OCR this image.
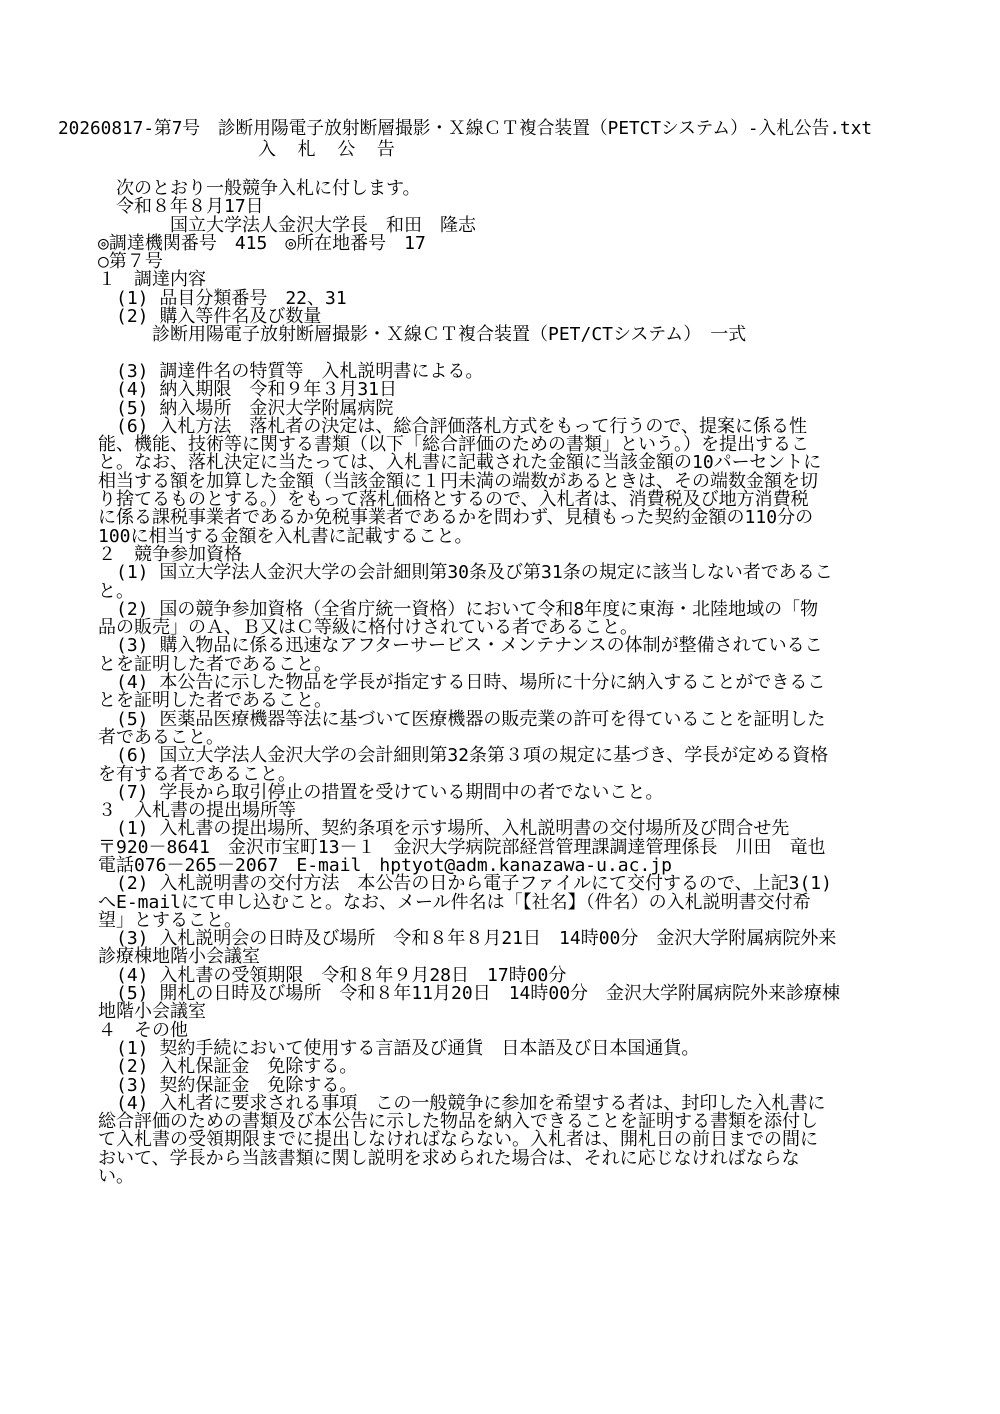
20260817-第7号　診断用陽電子放射断層撮影・Ｘ線ＣＴ複合装置（PETCTシステム）-入札公告.txt
入　札　公　告
　次のとおり一般競争入札に付します。
　令和８年８月17日
　　　　国立大学法人金沢大学長　和田　隆志
◎調達機関番号　415　◎所在地番号　17
○第７号
１　調達内容
　(1) 品目分類番号　22、31
　(2) 購入等件名及び数量
　　　診断用陽電子放射断層撮影・Ｘ線ＣＴ複合装置（PET/CTシステム）　一式
　(3) 調達件名の特質等　入札説明書による。
　(4) 納入期限　令和９年３月31日
　(5) 納入場所　金沢大学附属病院
　(6) 入札方法　落札者の決定は、総合評価落札方式をもって行うので、提案に係る性
能、機能、技術等に関する書類（以下「総合評価のための書類」という。）を提出するこ
と。なお、落札決定に当たっては、入札書に記載された金額に当該金額の10パーセントに
相当する額を加算した金額（当該金額に１円未満の端数があるときは、その端数金額を切
り捨てるものとする。）をもって落札価格とするので、入札者は、消費税及び地方消費税
に係る課税事業者であるか免税事業者であるかを問わず、見積もった契約金額の110分の
100に相当する金額を入札書に記載すること。
２　競争参加資格
　(1) 国立大学法人金沢大学の会計細則第30条及び第31条の規定に該当しない者であるこ
と。
　(2) 国の競争参加資格（全省庁統一資格）において令和8年度に東海・北陸地域の「物
品の販売」のＡ、Ｂ又はＣ等級に格付けされている者であること。
　(3) 購入物品に係る迅速なアフターサービス・メンテナンスの体制が整備されているこ
とを証明した者であること。
　(4) 本公告に示した物品を学長が指定する日時、場所に十分に納入することができるこ
とを証明した者であること。
　(5) 医薬品医療機器等法に基づいて医療機器の販売業の許可を得ていることを証明した
者であること。
　(6) 国立大学法人金沢大学の会計細則第32条第３項の規定に基づき、学長が定める資格
を有する者であること。
　(7) 学長から取引停止の措置を受けている期間中の者でないこと。
３　入札書の提出場所等
　(1) 入札書の提出場所、契約条項を示す場所、入札説明書の交付場所及び問合せ先
〒920－8641　金沢市宝町13－１　金沢大学病院部経営管理課調達管理係長　川田　竜也
電話076－265－2067　E-mail　hptyot@adm.kanazawa-u.ac.jp
　(2) 入札説明書の交付方法　本公告の日から電子ファイルにて交付するので、上記3(1)
へE-mailにて申し込むこと。なお、メール件名は「【社名】（件名）の入札説明書交付希
望」とすること。
　(3) 入札説明会の日時及び場所　令和８年８月21日　14時00分　金沢大学附属病院外来
診療棟地階小会議室
　(4) 入札書の受領期限　令和８年９月28日　17時00分
　(5) 開札の日時及び場所　令和８年11月20日　14時00分　金沢大学附属病院外来診療棟
地階小会議室
４　その他
　(1) 契約手続において使用する言語及び通貨　日本語及び日本国通貨。
　(2) 入札保証金　免除する。
　(3) 契約保証金　免除する。
　(4) 入札者に要求される事項　この一般競争に参加を希望する者は、封印した入札書に
総合評価のための書類及び本公告に示した物品を納入できることを証明する書類を添付し
て入札書の受領期限までに提出しなければならない。入札者は、開札日の前日までの間に
おいて、学長から当該書類に関し説明を求められた場合は、それに応じなければならな
い。
